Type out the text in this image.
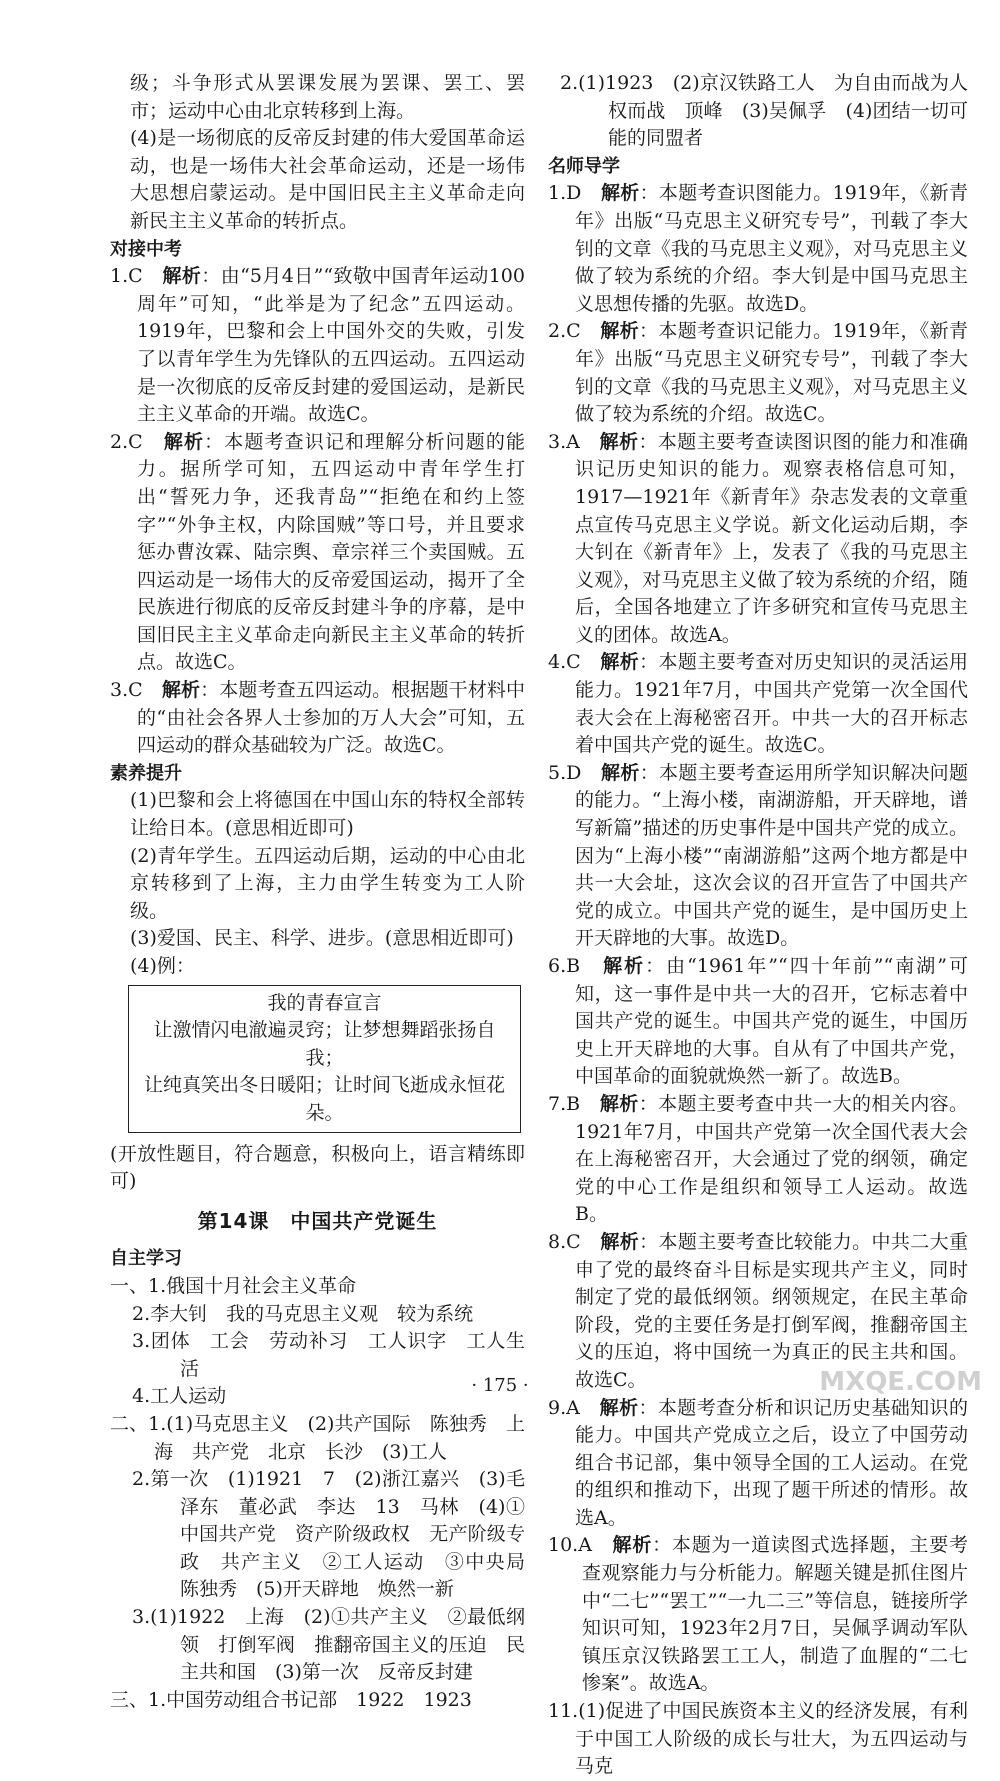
级；斗争形式从罢课发展为罢课、罢工、罢市；运动中心由北京转移到上海。

(4)是一场彻底的反帝反封建的伟大爱国革命运动，也是一场伟大社会革命运动，还是一场伟大思想启蒙运动。是中国旧民主主义革命走向新民主主义革命的转折点。

对接中考

1.C　 解析：由“5月4日”“致敬中国青年运动100周年”可知，“此举是为了纪念”五四运动。1919年，巴黎和会上中国外交的失败，引发了以青年学生为先锋队的五四运动。五四运动是一次彻底的反帝反封建的爱国运动，是新民主主义革命的开端。故选C。

2.C　 解析：本题考查识记和理解分析问题的能力。据所学可知，五四运动中青年学生打出“誓死力争，还我青岛”“拒绝在和约上签字”“外争主权，内除国贼”等口号，并且要求惩办曹汝霖、陆宗舆、章宗祥三个卖国贼。五四运动是一场伟大的反帝爱国运动，揭开了全民族进行彻底的反帝反封建斗争的序幕，是中国旧民主主义革命走向新民主主义革命的转折点。故选C。

3.C　 解析：本题考查五四运动。根据题干材料中的“由社会各界人士参加的万人大会”可知，五四运动的群众基础较为广泛。故选C。

素养提升

(1)巴黎和会上将德国在中国山东的特权全部转让给日本。(意思相近即可)

(2)青年学生。五四运动后期，运动的中心由北京转移到了上海，主力由学生转变为工人阶级。

(3)爱国、民主、科学、进步。(意思相近即可)

(4)例：

我的青春宣言
让激情闪电澈遍灵窍；让梦想舞蹈张扬自我；
让纯真笑出冬日暖阳；让时间飞逝成永恒花朵。

(开放性题目，符合题意，积极向上，语言精练即可)

第14课　中国共产党诞生

自主学习

一、1.俄国十月社会主义革命

2.李大钊　我的马克思主义观　较为系统

3.团体　工会　劳动补习　工人识字　工人生活

4.工人运动

二、1.(1)马克思主义　(2)共产国际　陈独秀　上海　共产党　北京　长沙　(3)工人

2.第一次　(1)1921　7　(2)浙江嘉兴　(3)毛泽东　董必武　李达　13　马林　(4)①中国共产党　资产阶级政权　无产阶级专政　共产主义　②工人运动　③中央局　陈独秀　(5)开天辟地　焕然一新

3.(1)1922　上海　(2)①共产主义　②最低纲领　打倒军阀　推翻帝国主义的压迫　民主共和国　(3)第一次　反帝反封建

三、1.中国劳动组合书记部　1922　1923

2.(1)1923　(2)京汉铁路工人　为自由而战为人权而战　顶峰　(3)吴佩孚　(4)团结一切可能的同盟者

名师导学

1.D　 解析：本题考查识图能力。1919年，《新青年》出版“马克思主义研究专号”，刊载了李大钊的文章《我的马克思主义观》，对马克思主义做了较为系统的介绍。李大钊是中国马克思主义思想传播的先驱。故选D。

2.C　 解析：本题考查识记能力。1919年，《新青年》出版“马克思主义研究专号”，刊载了李大钊的文章《我的马克思主义观》，对马克思主义做了较为系统的介绍。故选C。

3.A　 解析：本题主要考查读图识图的能力和准确识记历史知识的能力。观察表格信息可知，1917—1921年《新青年》杂志发表的文章重点宣传马克思主义学说。新文化运动后期，李大钊在《新青年》上，发表了《我的马克思主义观》，对马克思主义做了较为系统的介绍，随后，全国各地建立了许多研究和宣传马克思主义的团体。故选A。

4.C　 解析：本题主要考查对历史知识的灵活运用能力。1921年7月，中国共产党第一次全国代表大会在上海秘密召开。中共一大的召开标志着中国共产党的诞生。故选C。

5.D　 解析：本题主要考查运用所学知识解决问题的能力。“上海小楼，南湖游船，开天辟地，谱写新篇”描述的历史事件是中国共产党的成立。因为“上海小楼”“南湖游船”这两个地方都是中共一大会址，这次会议的召开宣告了中国共产党的成立。中国共产党的诞生，是中国历史上开天辟地的大事。故选D。

6.B　 解析：由“1961年”“四十年前”“南湖”可知，这一事件是中共一大的召开，它标志着中国共产党的诞生。中国共产党的诞生，中国历史上开天辟地的大事。自从有了中国共产党，中国革命的面貌就焕然一新了。故选B。

7.B　 解析：本题主要考查中共一大的相关内容。1921年7月，中国共产党第一次全国代表大会在上海秘密召开，大会通过了党的纲领，确定党的中心工作是组织和领导工人运动。故选B。

8.C　 解析：本题主要考查比较能力。中共二大重申了党的最终奋斗目标是实现共产主义，同时制定了党的最低纲领。纲领规定，在民主革命阶段，党的主要任务是打倒军阀，推翻帝国主义的压迫，将中国统一为真正的民主共和国。故选C。

9.A　 解析：本题考查分析和识记历史基础知识的能力。中国共产党成立之后，设立了中国劳动组合书记部，集中领导全国的工人运动。在党的组织和推动下，出现了题干所述的情形。故选A。

10.A　 解析：本题为一道读图式选择题，主要考查观察能力与分析能力。解题关键是抓住图片中“二七”“罢工”“一九二三”等信息，链接所学知识可知，1923年2月7日，吴佩孚调动军队镇压京汉铁路罢工工人，制造了血腥的“二七惨案”。故选A。

11.(1)促进了中国民族资本主义的经济发展，有利于中国工人阶级的成长与壮大，为五四运动与马克

· 175 ·	MXQE.COM
